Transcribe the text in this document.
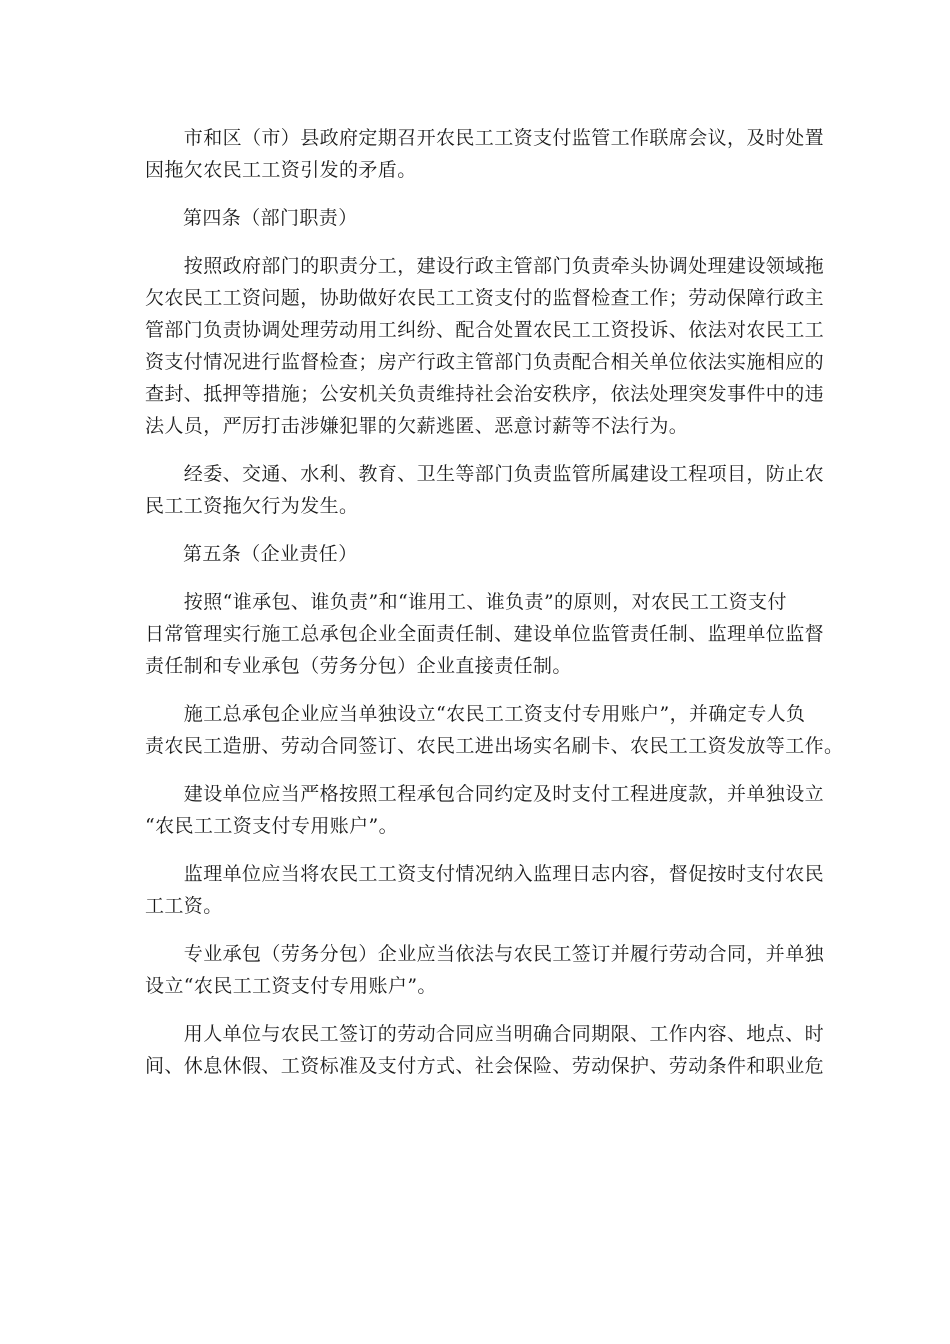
　　市和区（市）县政府定期召开农民工工资支付监管工作联席会议，及时处置
因拖欠农民工工资引发的矛盾。

第四条（部门职责）

　　按照政府部门的职责分工，建设行政主管部门负责牵头协调处理建设领域拖
欠农民工工资问题，协助做好农民工工资支付的监督检查工作；劳动保障行政主
管部门负责协调处理劳动用工纠纷、配合处置农民工工资投诉、依法对农民工工
资支付情况进行监督检查；房产行政主管部门负责配合相关单位依法实施相应的
查封、抵押等措施；公安机关负责维持社会治安秩序，依法处理突发事件中的违
法人员，严厉打击涉嫌犯罪的欠薪逃匿、恶意讨薪等不法行为。

　　经委、交通、水利、教育、卫生等部门负责监管所属建设工程项目，防止农
民工工资拖欠行为发生。

第五条（企业责任）

　　按照“谁承包、谁负责”和“谁用工、谁负责”的原则，对农民工工资支付
日常管理实行施工总承包企业全面责任制、建设单位监管责任制、监理单位监督
责任制和专业承包（劳务分包）企业直接责任制。

　　施工总承包企业应当单独设立“农民工工资支付专用账户”，并确定专人负
责农民工造册、劳动合同签订、农民工进出场实名刷卡、农民工工资发放等工作。

　　建设单位应当严格按照工程承包合同约定及时支付工程进度款，并单独设立
“农民工工资支付专用账户”。

　　监理单位应当将农民工工资支付情况纳入监理日志内容，督促按时支付农民
工工资。

　　专业承包（劳务分包）企业应当依法与农民工签订并履行劳动合同，并单独
设立“农民工工资支付专用账户”。

　　用人单位与农民工签订的劳动合同应当明确合同期限、工作内容、地点、时
间、休息休假、工资标准及支付方式、社会保险、劳动保护、劳动条件和职业危
